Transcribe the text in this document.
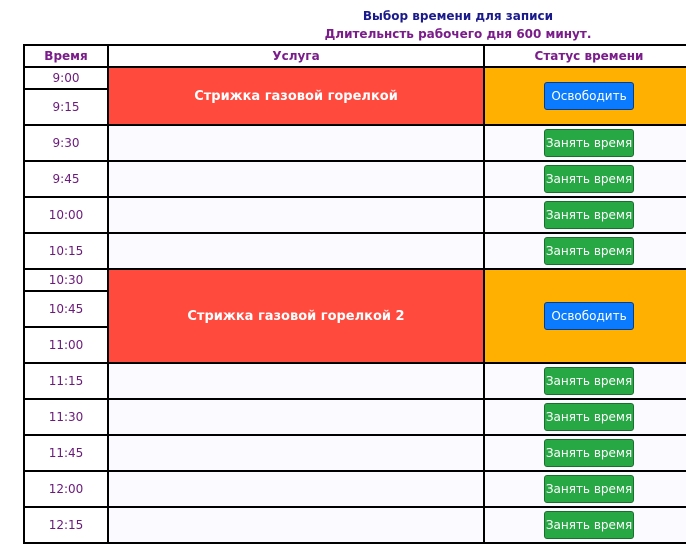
Выбор времени для записи
Длительнсть рабочего дня 600 минут.
Время	Услуга	Статус времени
9:00	Стрижка газовой горелкой	Освободить
9:15		
9:30		Занять время
9:45		Занять время
10:00		Занять время
10:15		Занять время
10:30	Стрижка газовой горелкой 2	Освободить
10:45		
11:00		
11:15		Занять время
11:30		Занять время
11:45		Занять время
12:00		Занять время
12:15		Занять время
